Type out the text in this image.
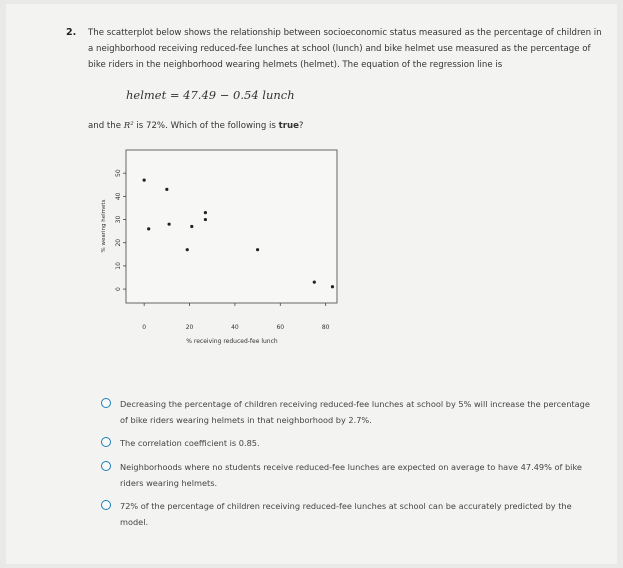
2. The scatterplot below shows the relationship between socioeconomic status measured as the percentage of children in a neighborhood receiving reduced-fee lunches at school (lunch) and bike helmet use measured as the percentage of bike riders in the neighborhood wearing helmets (helmet). The equation of the regression line is
helmet = 47.49 − 0.54 lunch
and the R² is 72%. Which of the following is true?
0
10
20
30
40
50
0	20	40	60	80
% wearing helmets
% receiving reduced-fee lunch
Decreasing the percentage of children receiving reduced-fee lunches at school by 5% will increase the percentage of bike riders wearing helmets in that neighborhood by 2.7%.
The correlation coefficient is 0.85.
Neighborhoods where no students receive reduced-fee lunches are expected on average to have 47.49% of bike riders wearing helmets.
72% of the percentage of children receiving reduced-fee lunches at school can be accurately predicted by the model.
